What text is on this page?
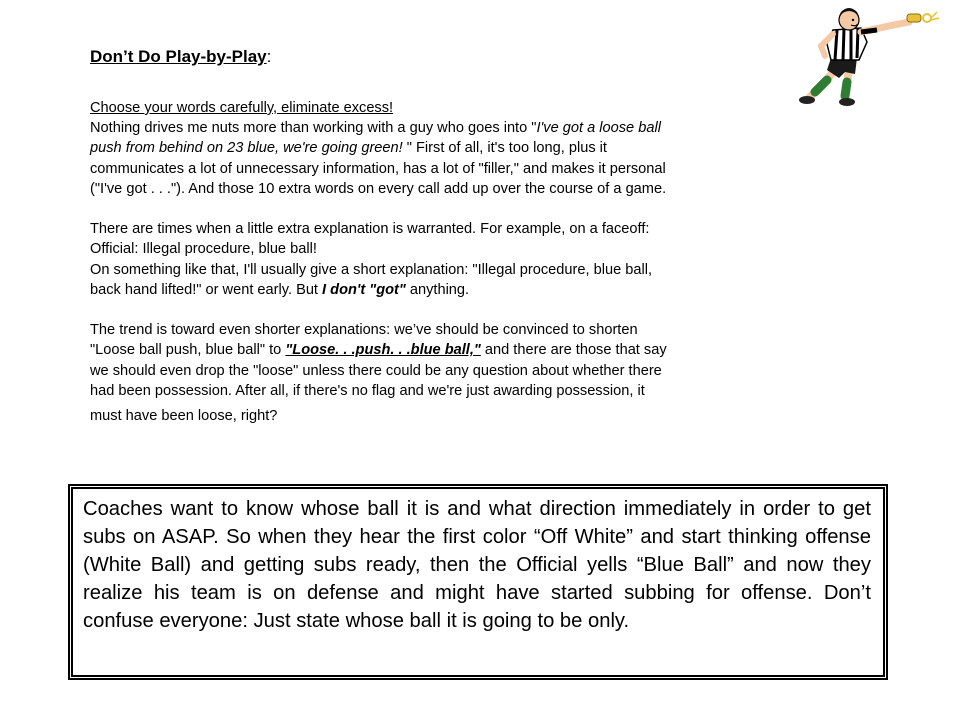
Don’t Do Play-by-Play:
Choose your words carefully, eliminate excess!
Nothing drives me nuts more than working with a guy who goes into "I've got a loose ball
push from behind on 23 blue, we're going green! " First of all, it's too long, plus it
communicates a lot of unnecessary information, has a lot of "filler," and makes it personal
("I've got . . ."). And those 10 extra words on every call add up over the course of a game.
There are times when a little extra explanation is warranted. For example, on a faceoff:
Official: Illegal procedure, blue ball!
On something like that, I'll usually give a short explanation: "Illegal procedure, blue ball,
back hand lifted!" or went early. But I don't "got" anything.
The trend is toward even shorter explanations: we’ve should be convinced to shorten
"Loose ball push, blue ball" to "Loose. . .push. . .blue ball," and there are those that say
we should even drop the "loose" unless there could be any question about whether there
had been possession. After all, if there's no flag and we're just awarding possession, it
must have been loose, right?
Coaches want to know whose ball it is and what direction immediately in order to get subs on ASAP. So when they hear the first color “Off White” and start thinking offense (White Ball) and getting subs ready, then the Official yells “Blue Ball” and now they realize his team is on defense and might have started subbing for offense. Don’t confuse everyone: Just state whose ball it is going to be only.
